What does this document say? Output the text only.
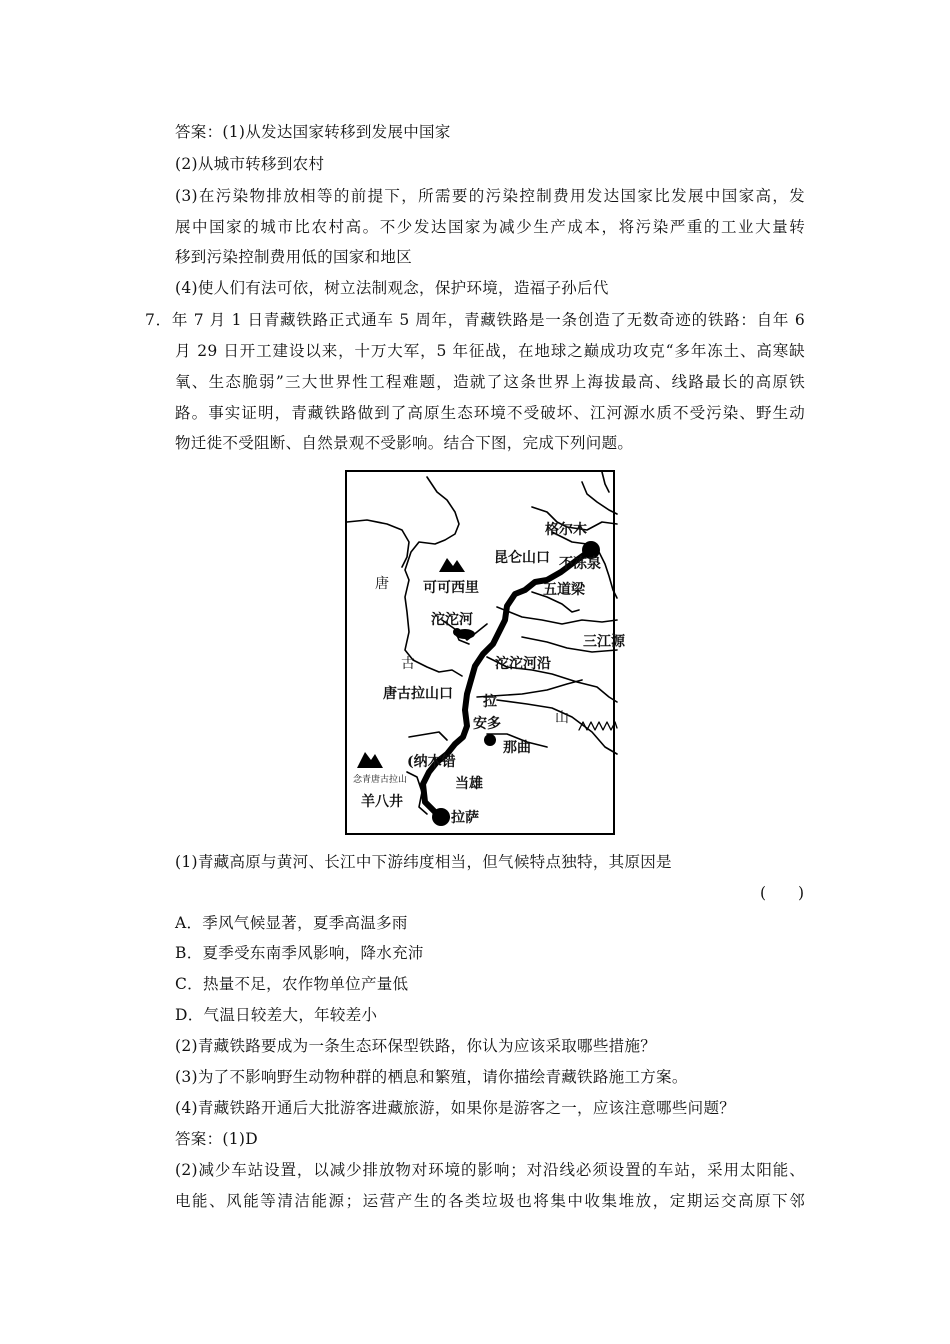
答案：(1)从发达国家转移到发展中国家
(2)从城市转移到农村
(3)在污染物排放相等的前提下，所需要的污染控制费用发达国家比发展中国家高，发
展中国家的城市比农村高。不少发达国家为减少生产成本，将污染严重的工业大量转
移到污染控制费用低的国家和地区
(4)使人们有法可依，树立法制观念，保护环境，造福子孙后代
7．年 7 月 1 日青藏铁路正式通车 5 周年，青藏铁路是一条创造了无数奇迹的铁路：自年 6
月 29 日开工建设以来，十万大军，5 年征战，在地球之巅成功攻克“多年冻土、高寒缺
氧、生态脆弱”三大世界性工程难题，造就了这条世界上海拔最高、线路最长的高原铁
路。事实证明，青藏铁路做到了高原生态环境不受破坏、江河源水质不受污染、野生动
物迁徙不受阻断、自然景观不受影响。结合下图，完成下列问题。
格尔木
昆仑山口 不冻泉
可可西里	五道梁
三江源
沱沱河
沱沱河沿
唐
古
唐古拉山口 拉
山
安多
那曲
(纳木错
念青唐古拉山	当雄
羊八井
拉萨
(1)青藏高原与黄河、长江中下游纬度相当，但气候特点独特，其原因是
(　　)
A．季风气候显著，夏季高温多雨
B．夏季受东南季风影响，降水充沛
C．热量不足，农作物单位产量低
D．气温日较差大，年较差小
(2)青藏铁路要成为一条生态环保型铁路，你认为应该采取哪些措施？
(3)为了不影响野生动物种群的栖息和繁殖，请你描绘青藏铁路施工方案。
(4)青藏铁路开通后大批游客进藏旅游，如果你是游客之一，应该注意哪些问题？
答案：(1)D
(2)减少车站设置，以减少排放物对环境的影响；对沿线必须设置的车站，采用太阳能、
电能、风能等清洁能源；运营产生的各类垃圾也将集中收集堆放，定期运交高原下邻
